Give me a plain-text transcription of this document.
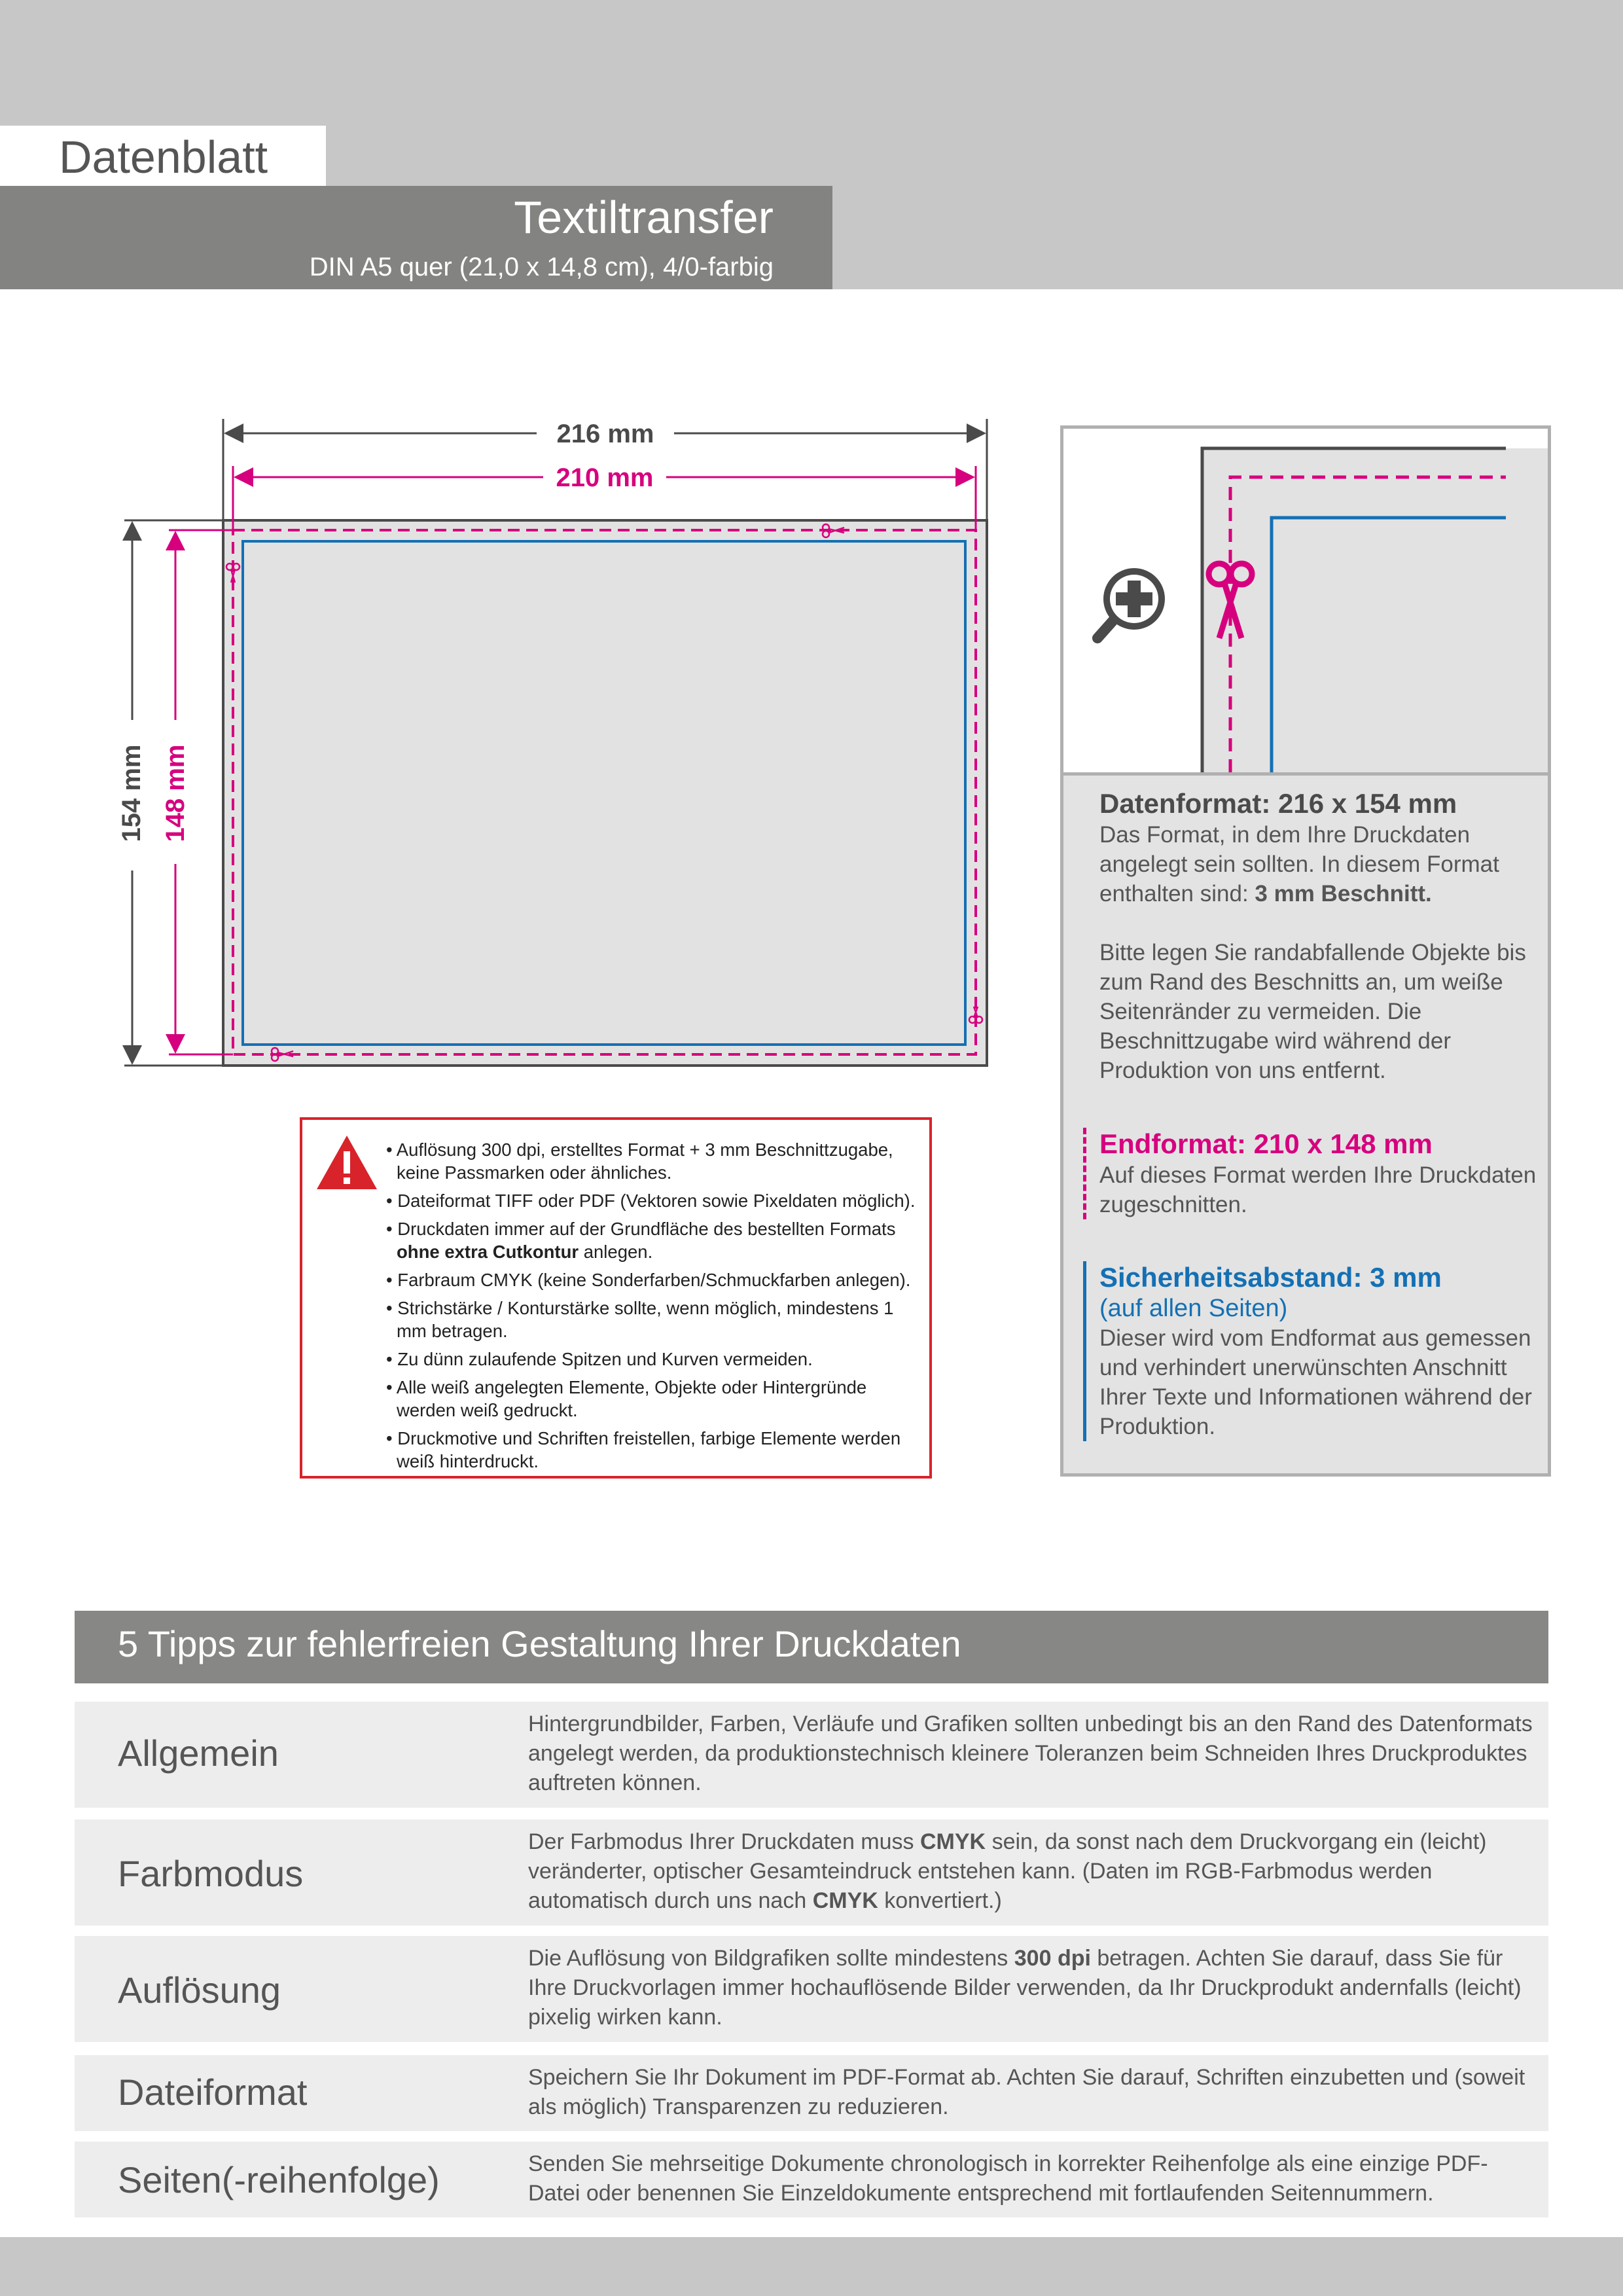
Datenblatt
Textiltransfer
DIN A5 quer (21,0 x 14,8 cm), 4/0-farbig
216 mm
210 mm
154 mm 148 mm
• Auflösung 300 dpi, erstelltes Format + 3 mm Beschnittzugabe, keine Passmarken oder ähnliches.
• Dateiformat TIFF oder PDF (Vektoren sowie Pixeldaten möglich).
• Druckdaten immer auf der Grundfläche des bestellten Formats ohne extra Cutkontur anlegen.
• Farbraum CMYK (keine Sonderfarben/Schmuckfarben anlegen).
• Strichstärke / Konturstärke sollte, wenn möglich, mindestens 1 mm betragen.
• Zu dünn zulaufende Spitzen und Kurven vermeiden.
• Alle weiß angelegten Elemente, Objekte oder Hintergründe werden weiß gedruckt.
• Druckmotive und Schriften freistellen, farbige Elemente werden weiß hinterdruckt.
Datenformat: 216 x 154 mm
Das Format, in dem Ihre Druckdaten angelegt sein sollten. In diesem Format enthalten sind: 3 mm Beschnitt.
Bitte legen Sie randabfallende Objekte bis zum Rand des Beschnitts an, um weiße Seitenränder zu vermeiden. Die Beschnittzugabe wird während der Produktion von uns entfernt.
Endformat: 210 x 148 mm
Auf dieses Format werden Ihre Druckdaten zugeschnitten.
Sicherheitsabstand: 3 mm
(auf allen Seiten)
Dieser wird vom Endformat aus gemessen und verhindert unerwünschten Anschnitt Ihrer Texte und Informationen während der Produktion.
5 Tipps zur fehlerfreien Gestaltung Ihrer Druckdaten
Allgemein
Hintergrundbilder, Farben, Verläufe und Grafiken sollten unbedingt bis an den Rand des Datenformats angelegt werden, da produktionstechnisch kleinere Toleranzen beim Schneiden Ihres Druckproduktes auftreten können.
Farbmodus
Der Farbmodus Ihrer Druckdaten muss CMYK sein, da sonst nach dem Druckvorgang ein (leicht) veränderter, optischer Gesamteindruck entstehen kann. (Daten im RGB-Farbmodus werden automatisch durch uns nach CMYK konvertiert.)
Auflösung
Die Auflösung von Bildgrafiken sollte mindestens 300 dpi betragen. Achten Sie darauf, dass Sie für Ihre Druckvorlagen immer hochauflösende Bilder verwenden, da Ihr Druckprodukt andernfalls (leicht) pixelig wirken kann.
Dateiformat	Speichern Sie Ihr Dokument im PDF-Format ab. Achten Sie darauf, Schriften einzubetten und (soweit als möglich) Transparenzen zu reduzieren.
Seiten(-reihenfolge)	Senden Sie mehrseitige Dokumente chronologisch in korrekter Reihenfolge als eine einzige PDF-Datei oder benennen Sie Einzeldokumente entsprechend mit fortlaufenden Seitennummern.
